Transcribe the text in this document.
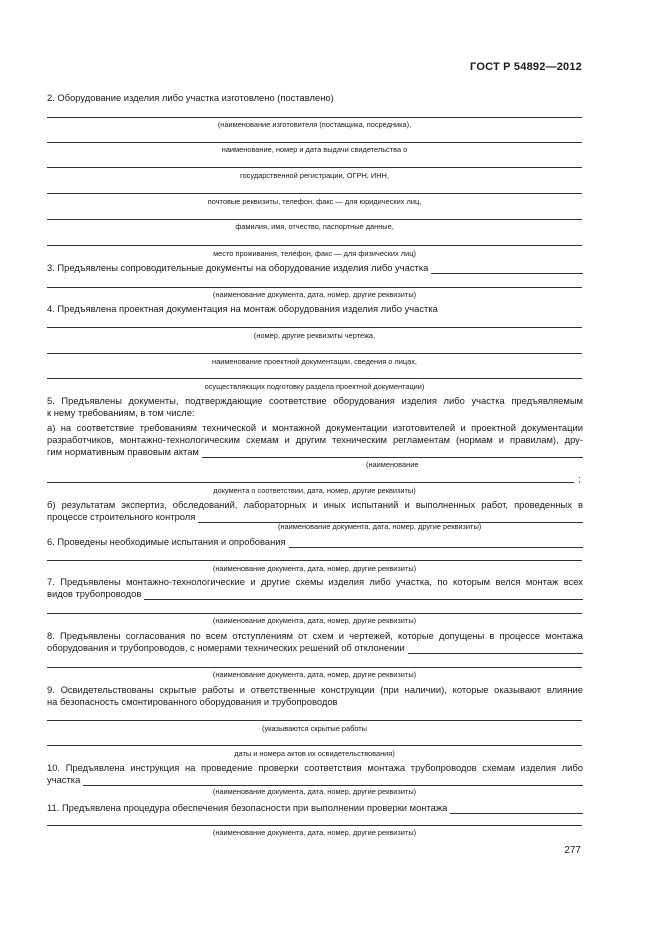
ГОСТ Р 54892—2012
2. Оборудование изделия либо участка изготовлено (поставлено)
(наименование изготовителя (поставщика, посредника),
наименование, номер и дата выдачи свидетельства о
государственной регистрации, ОГРН, ИНН,
почтовые реквизиты, телефон, факс — для юридических лиц,
фамилия, имя, отчество, паспортные данные,
место проживания, телефон, факс — для физических лиц)
3. Предъявлены сопроводительные документы на оборудование изделия либо участка
(наименование документа, дата, номер, другие реквизиты)
4. Предъявлена проектная документация на монтаж оборудования изделия либо участка
(номер, другие реквизиты чертежа,
наименование проектной документации, сведения о лицах,
осуществляющих подготовку раздела проектной документации)
5. Предъявлены документы, подтверждающие соответствие оборудования изделия либо участка предъявляемым
к нему требованиям, в том числе:
а) на соответствие требованиям технической и монтажной документации изготовителей и проектной документации
разработчиков, монтажно-технологическим схемам и другим техническим регламентам (нормам и правилам), дру-
гим нормативным правовым актам
(наименование
;
документа о соответствии, дата, номер, другие реквизиты)
б) результатам экспертиз, обследований, лабораторных и иных испытаний и выполненных работ, проведенных в
процессе строительного контроля
(наименование документа, дата, номер, другие реквизиты)
6. Проведены необходимые испытания и опробования
(наименование документа, дата, номер, другие реквизиты)
7. Предъявлены монтажно-технологические и другие схемы изделия либо участка, по которым велся монтаж всех
видов трубопроводов
(наименование документа, дата, номер, другие реквизиты)
8. Предъявлены согласования по всем отступлениям от схем и чертежей, которые допущены в процессе монтажа
оборудования и трубопроводов, с номерами технических решений об отклонении
(наименование документа, дата, номер, другие реквизиты)
9. Освидетельствованы скрытые работы и ответственные конструкции (при наличии), которые оказывают влияние
на безопасность смонтированного оборудования и трубопроводов
(указываются скрытые работы
даты и номера актов их освидетельствования)
10. Предъявлена инструкция на проведение проверки соответствия монтажа трубопроводов схемам изделия либо
участка
(наименование документа, дата, номер, другие реквизиты)
11. Предъявлена процедура обеспечения безопасности при выполнении проверки монтажа
(наименование документа, дата, номер, другие реквизиты)
277
